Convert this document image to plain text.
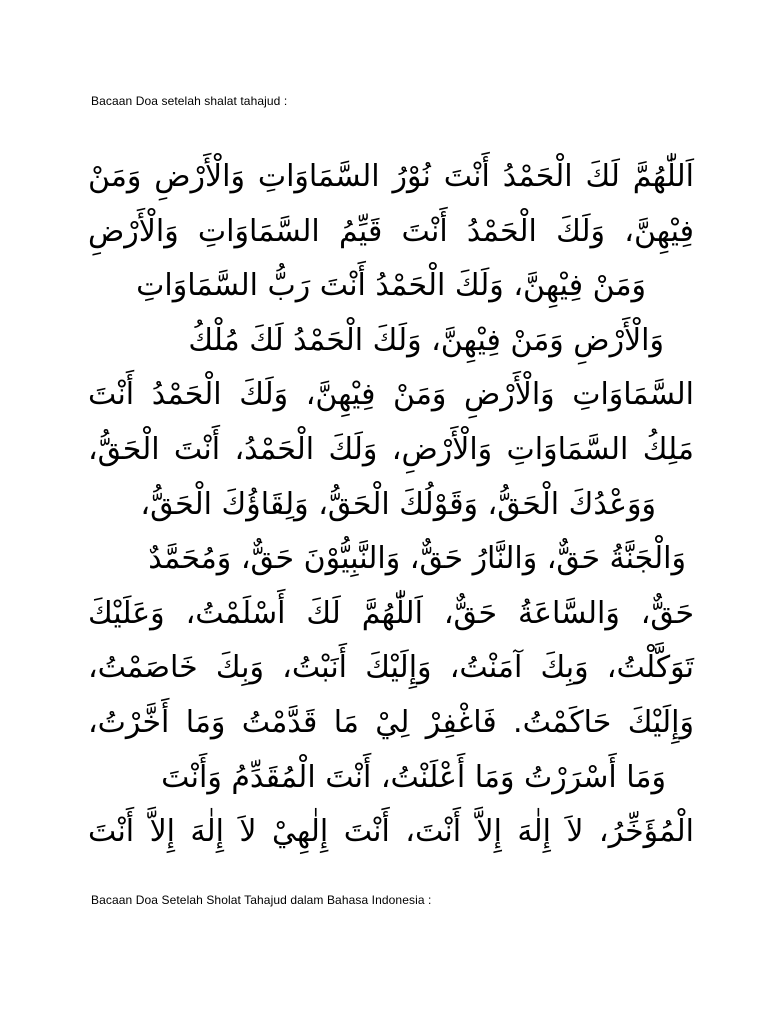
Bacaan Doa setelah shalat tahajud :
اَللّٰهُمَّ لَكَ الْحَمْدُ أَنْتَ نُوْرُ السَّمَاوَاتِ وَالْأَرْضِ وَمَنْ
فِيْهِنَّ، وَلَكَ الْحَمْدُ أَنْتَ قَيِّمُ السَّمَاوَاتِ وَالْأَرْضِ
وَمَنْ فِيْهِنَّ، وَلَكَ الْحَمْدُ أَنْتَ رَبُّ السَّمَاوَاتِ
وَالْأَرْضِ وَمَنْ فِيْهِنَّ، وَلَكَ الْحَمْدُ لَكَ مُلْكُ
السَّمَاوَاتِ وَالْأَرْضِ وَمَنْ فِيْهِنَّ، وَلَكَ الْحَمْدُ أَنْتَ
مَلِكُ السَّمَاوَاتِ وَالْأَرْضِ، وَلَكَ الْحَمْدُ، أَنْتَ الْحَقُّ،
وَوَعْدُكَ الْحَقُّ، وَقَوْلُكَ الْحَقُّ، وَلِقَاؤُكَ الْحَقُّ،
وَالْجَنَّةُ حَقٌّ، وَالنَّارُ حَقٌّ، وَالنَّبِيُّوْنَ حَقٌّ، وَمُحَمَّدٌ
حَقٌّ، وَالسَّاعَةُ حَقٌّ، اَللّٰهُمَّ لَكَ أَسْلَمْتُ، وَعَلَيْكَ
تَوَكَّلْتُ، وَبِكَ آمَنْتُ، وَإِلَيْكَ أَنَبْتُ، وَبِكَ خَاصَمْتُ،
وَإِلَيْكَ حَاكَمْتُ. فَاغْفِرْ لِيْ مَا قَدَّمْتُ وَمَا أَخَّرْتُ،
وَمَا أَسْرَرْتُ وَمَا أَعْلَنْتُ، أَنْتَ الْمُقَدِّمُ وَأَنْتَ
الْمُؤَخِّرُ، لاَ إِلٰهَ إِلاَّ أَنْتَ، أَنْتَ إِلٰهِيْ لاَ إِلٰهَ إِلاَّ أَنْتَ
Bacaan Doa Setelah Sholat Tahajud dalam Bahasa Indonesia :
